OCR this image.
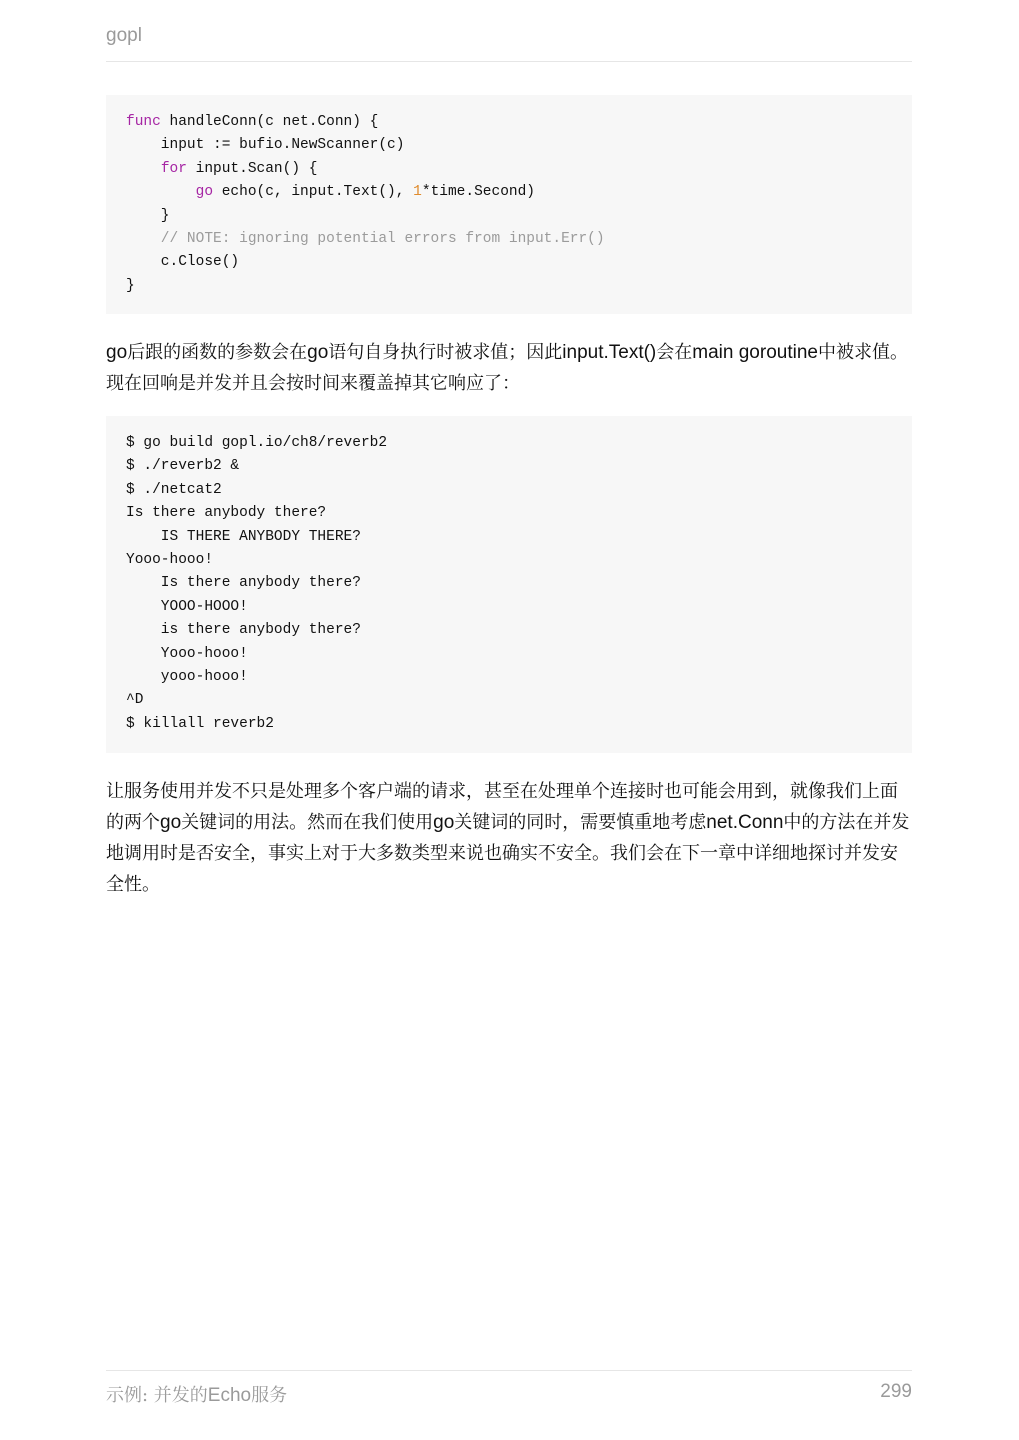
gopl
func handleConn(c net.Conn) {
input := bufio.NewScanner(c)
for input.Scan() {
go echo(c, input.Text(), 1*time.Second)
}
// NOTE: ignoring potential errors from input.Err()
c.Close()
}

go后跟的函数的参数会在go语句自身执行时被求值；因此input.Text()会在main goroutine中被求值。 现在回响是并发并且会按时间来覆盖掉其它响应了：

$ go build gopl.io/ch8/reverb2
$ ./reverb2 &
$ ./netcat2
Is there anybody there?
IS THERE ANYBODY THERE?
Yooo-hooo!
Is there anybody there?
YOOO-HOOO!
is there anybody there?
Yooo-hooo!
yooo-hooo!
^D
$ killall reverb2

让服务使用并发不只是处理多个客户端的请求，甚至在处理单个连接时也可能会用到，就像我们上面的两个go关键词的用法。然而在我们使用go关键词的同时，需要慎重地考虑net.Conn中的方法在并发地调用时是否安全，事实上对于大多数类型来说也确实不安全。我们会在下一章中详细地探讨并发安全性。

示例: 并发的Echo服务	299
